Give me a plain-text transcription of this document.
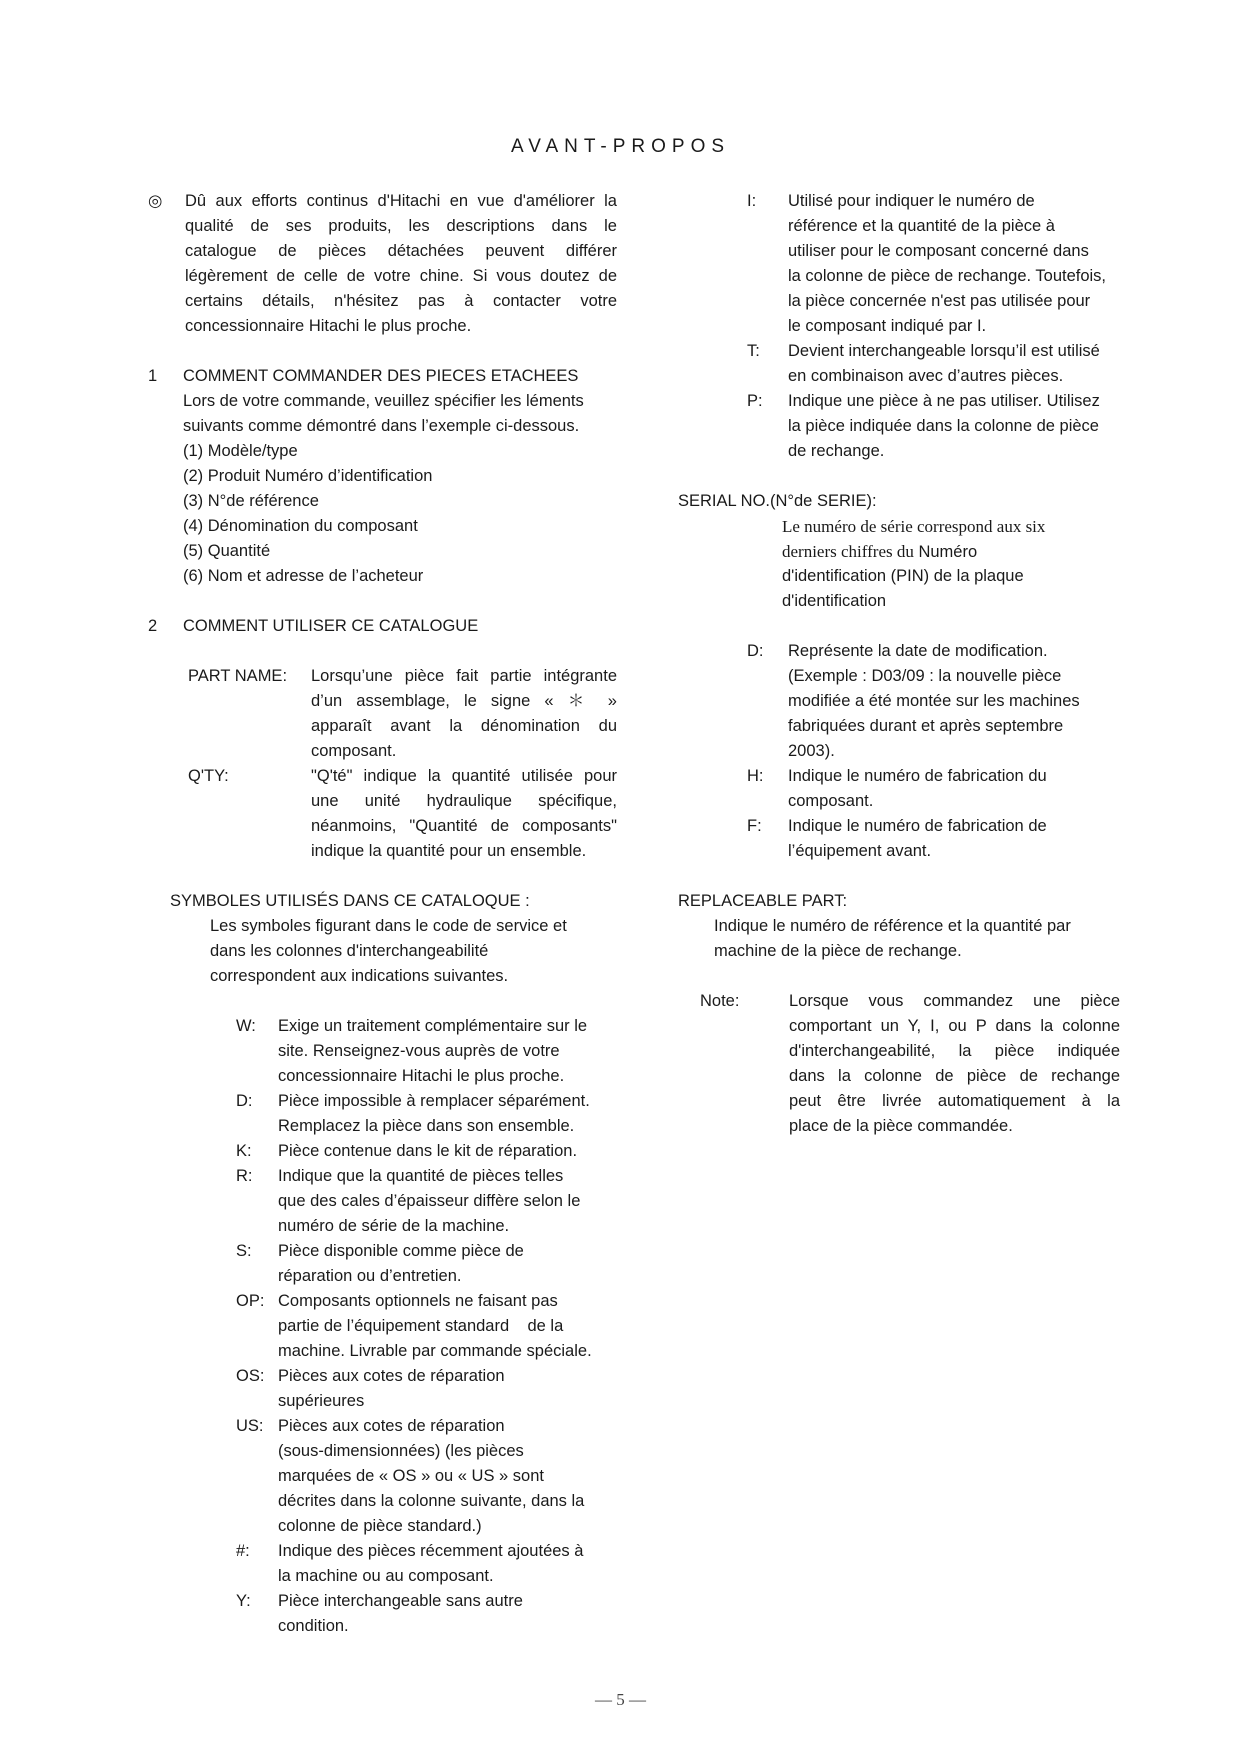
AVANT-PROPOS
◎ Dû aux efforts continus d'Hitachi en vue d'améliorer la
qualité de ses produits, les descriptions dans le
catalogue de pièces détachées peuvent différer
légèrement de celle de votre chine. Si vous doutez de
certains détails, n'hésitez pas à contacter votre
concessionnaire Hitachi le plus proche.
1 COMMENT COMMANDER DES PIECES ETACHEES
Lors de votre commande, veuillez spécifier les léments
suivants comme démontré dans l’exemple ci-dessous.
(1) Modèle/type
(2) Produit Numéro d’identification
(3) N°de référence
(4) Dénomination du composant
(5) Quantité
(6) Nom et adresse de l’acheteur
2 COMMENT UTILISER CE CATALOGUE
PART NAME: Lorsqu’une pièce fait partie intégrante
d’un assemblage, le signe « ＊ »
apparaît avant la dénomination du
composant.
Q'TY:	"Q'té" indique la quantité utilisée pour
une unité hydraulique spécifique,
néanmoins, "Quantité de composants"
indique la quantité pour un ensemble.
SYMBOLES UTILISÉS DANS CE CATALOQUE :
Les symboles figurant dans le code de service et
dans les colonnes d'interchangeabilité
correspondent aux indications suivantes.
W: Exige un traitement complémentaire sur le
site. Renseignez-vous auprès de votre
concessionnaire Hitachi le plus proche.
D: Pièce impossible à remplacer séparément.
Remplacez la pièce dans son ensemble.
K: Pièce contenue dans le kit de réparation.
R: Indique que la quantité de pièces telles
que des cales d’épaisseur diffère selon le
numéro de série de la machine.
S: Pièce disponible comme pièce de
réparation ou d’entretien.
OP: Composants optionnels ne faisant pas
partie de l’équipement standard    de la
machine. Livrable par commande spéciale.
OS: Pièces aux cotes de réparation
supérieures
US: Pièces aux cotes de réparation
(sous-dimensionnées) (les pièces
marquées de « OS » ou « US » sont
décrites dans la colonne suivante, dans la
colonne de pièce standard.)
#: Indique des pièces récemment ajoutées à
la machine ou au composant.
Y: Pièce interchangeable sans autre
condition.
I: Utilisé pour indiquer le numéro de
référence et la quantité de la pièce à
utiliser pour le composant concerné dans
la colonne de pièce de rechange. Toutefois,
la pièce concernée n'est pas utilisée pour
le composant indiqué par I.
T: Devient interchangeable lorsqu’il est utilisé
en combinaison avec d’autres pièces.
P: Indique une pièce à ne pas utiliser. Utilisez
la pièce indiquée dans la colonne de pièce
de rechange.
SERIAL NO.(N°de SERIE):
Le numéro de série correspond aux six
derniers chiffres du Numéro
d'identification (PIN) de la plaque
d'identification
D: Représente la date de modification.
(Exemple : D03/09 : la nouvelle pièce
modifiée a été montée sur les machines
fabriquées durant et après septembre
2003).
H: Indique le numéro de fabrication du
composant.
F: Indique le numéro de fabrication de
l’équipement avant.
REPLACEABLE PART:
Indique le numéro de référence et la quantité par
machine de la pièce de rechange.
Note:	Lorsque vous commandez une pièce
comportant un Y, I, ou P dans la colonne
d'interchangeabilité, la pièce indiquée
dans la colonne de pièce de rechange
peut être livrée automatiquement à la
place de la pièce commandée.
— 5 —
